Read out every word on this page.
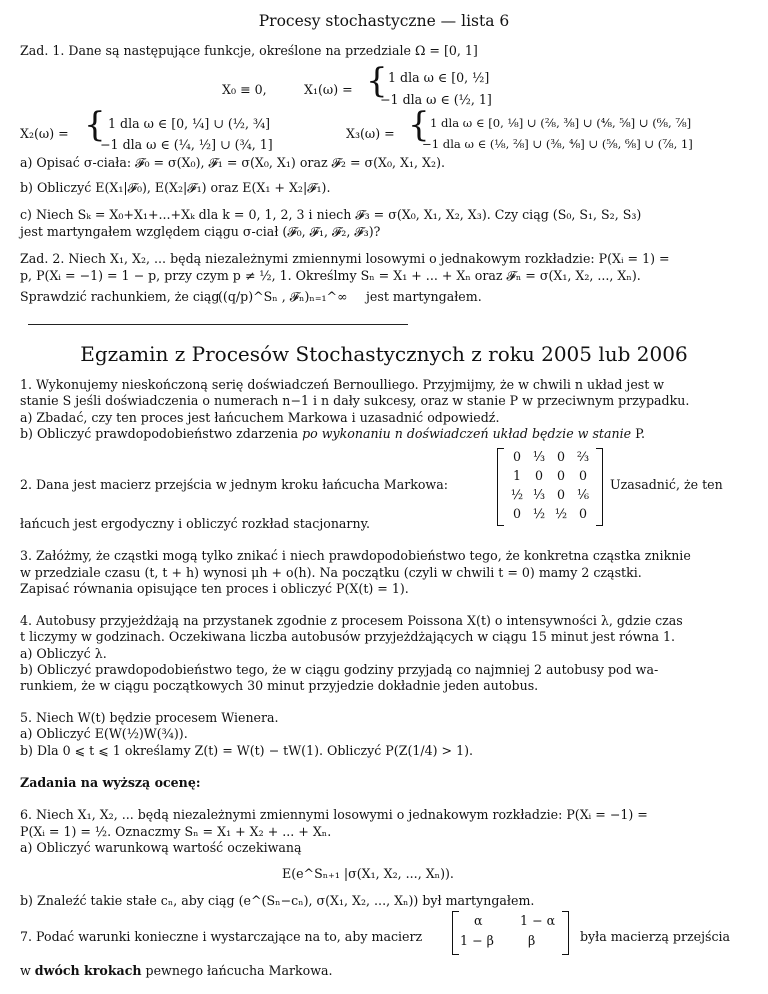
Procesy stochastyczne — lista 6
Zad. 1. Dane są następujące funkcje, określone na przedziale Ω = [0, 1]
X₀ ≡ 0,	X₁(ω) = { 1 dla ω ∈ [0, ½]
−1 dla ω ∈ (½, 1]
X₂(ω) = { 1 dla ω ∈ [0, ¼] ∪ (½, ¾]
−1 dla ω ∈ (¼, ½] ∪ (¾, 1]
X₃(ω) = { 1 dla ω ∈ [0, ⅛] ∪ (²⁄₈, ³⁄₈] ∪ (⁴⁄₈, ⁵⁄₈] ∪ (⁶⁄₈, ⁷⁄₈]
−1 dla ω ∈ (⅛, ²⁄₈] ∪ (³⁄₈, ⁴⁄₈] ∪ (⁵⁄₈, ⁶⁄₈] ∪ (⁷⁄₈, 1]
a) Opisać σ-ciała: 𝓕₀ = σ(X₀), 𝓕₁ = σ(X₀, X₁) oraz 𝓕₂ = σ(X₀, X₁, X₂).
b) Obliczyć E(X₁|𝓕₀), E(X₂|𝓕₁) oraz E(X₁ + X₂|𝓕₁).
c) Niech Sₖ = X₀+X₁+...+Xₖ dla k = 0, 1, 2, 3 i niech 𝓕₃ = σ(X₀, X₁, X₂, X₃). Czy ciąg (S₀, S₁, S₂, S₃)
jest martyngałem względem ciągu σ-ciał (𝓕₀, 𝓕₁, 𝓕₂, 𝓕₃)?
Zad. 2. Niech X₁, X₂, ... będą niezależnymi zmiennymi losowymi o jednakowym rozkładzie: P(Xᵢ = 1) =
p, P(Xᵢ = −1) = 1 − p, przy czym p ≠ ½, 1. Określmy Sₙ = X₁ + ... + Xₙ oraz 𝓕ₙ = σ(X₁, X₂, ..., Xₙ).
Sprawdzić rachunkiem, że ciąg
((q/p)^Sₙ , 𝓕ₙ)ₙ₌₁^∞ jest martyngałem.
Egzamin z Procesów Stochastycznych z roku 2005 lub 2006
1. Wykonujemy nieskończoną serię doświadczeń Bernoulliego. Przyjmijmy, że w chwili n układ jest w
stanie S jeśli doświadczenia o numerach n−1 i n dały sukcesy, oraz w stanie P w przeciwnym przypadku.
a) Zbadać, czy ten proces jest łańcuchem Markowa i uzasadnić odpowiedź.
b) Obliczyć prawdopodobieństwo zdarzenia po wykonaniu n doświadczeń układ będzie w stanie P.
2. Dana jest macierz przejścia w jednym kroku łańcucha Markowa:
0 ⅓ 0 ⅔
1	0	0	0
½ ⅓ 0 ⅙
0 ½ ½ 0
Uzasadnić, że ten
łańcuch jest ergodyczny i obliczyć rozkład stacjonarny.
3. Załóżmy, że cząstki mogą tylko znikać i niech prawdopodobieństwo tego, że konkretna cząstka zniknie
w przedziale czasu (t, t + h) wynosi μh + o(h). Na początku (czyli w chwili t = 0) mamy 2 cząstki.
Zapisać równania opisujące ten proces i obliczyć P(X(t) = 1).
4. Autobusy przyjeżdżają na przystanek zgodnie z procesem Poissona X(t) o intensywności λ, gdzie czas
t liczymy w godzinach. Oczekiwana liczba autobusów przyjeżdżających w ciągu 15 minut jest równa 1.
a) Obliczyć λ.
b) Obliczyć prawdopodobieństwo tego, że w ciągu godziny przyjadą co najmniej 2 autobusy pod wa-
runkiem, że w ciągu początkowych 30 minut przyjedzie dokładnie jeden autobus.
5. Niech W(t) będzie procesem Wienera.
a) Obliczyć E(W(½)W(¾)).
b) Dla 0 ⩽ t ⩽ 1 określamy Z(t) = W(t) − tW(1). Obliczyć P(Z(1/4) > 1).
Zadania na wyższą ocenę:
6. Niech X₁, X₂, ... będą niezależnymi zmiennymi losowymi o jednakowym rozkładzie: P(Xᵢ = −1) =
P(Xᵢ = 1) = ½. Oznaczmy Sₙ = X₁ + X₂ + ... + Xₙ.
a) Obliczyć warunkową wartość oczekiwaną
E(e^Sₙ₊₁ |σ(X₁, X₂, ..., Xₙ)).
b) Znaleźć takie stałe cₙ, aby ciąg (e^(Sₙ−cₙ), σ(X₁, X₂, ..., Xₙ)) był martyngałem.
7. Podać warunki konieczne i wystarczające na to, aby macierz
α	1 − α
1 − β	β	była macierzą przejścia
w dwóch krokach pewnego łańcucha Markowa.
